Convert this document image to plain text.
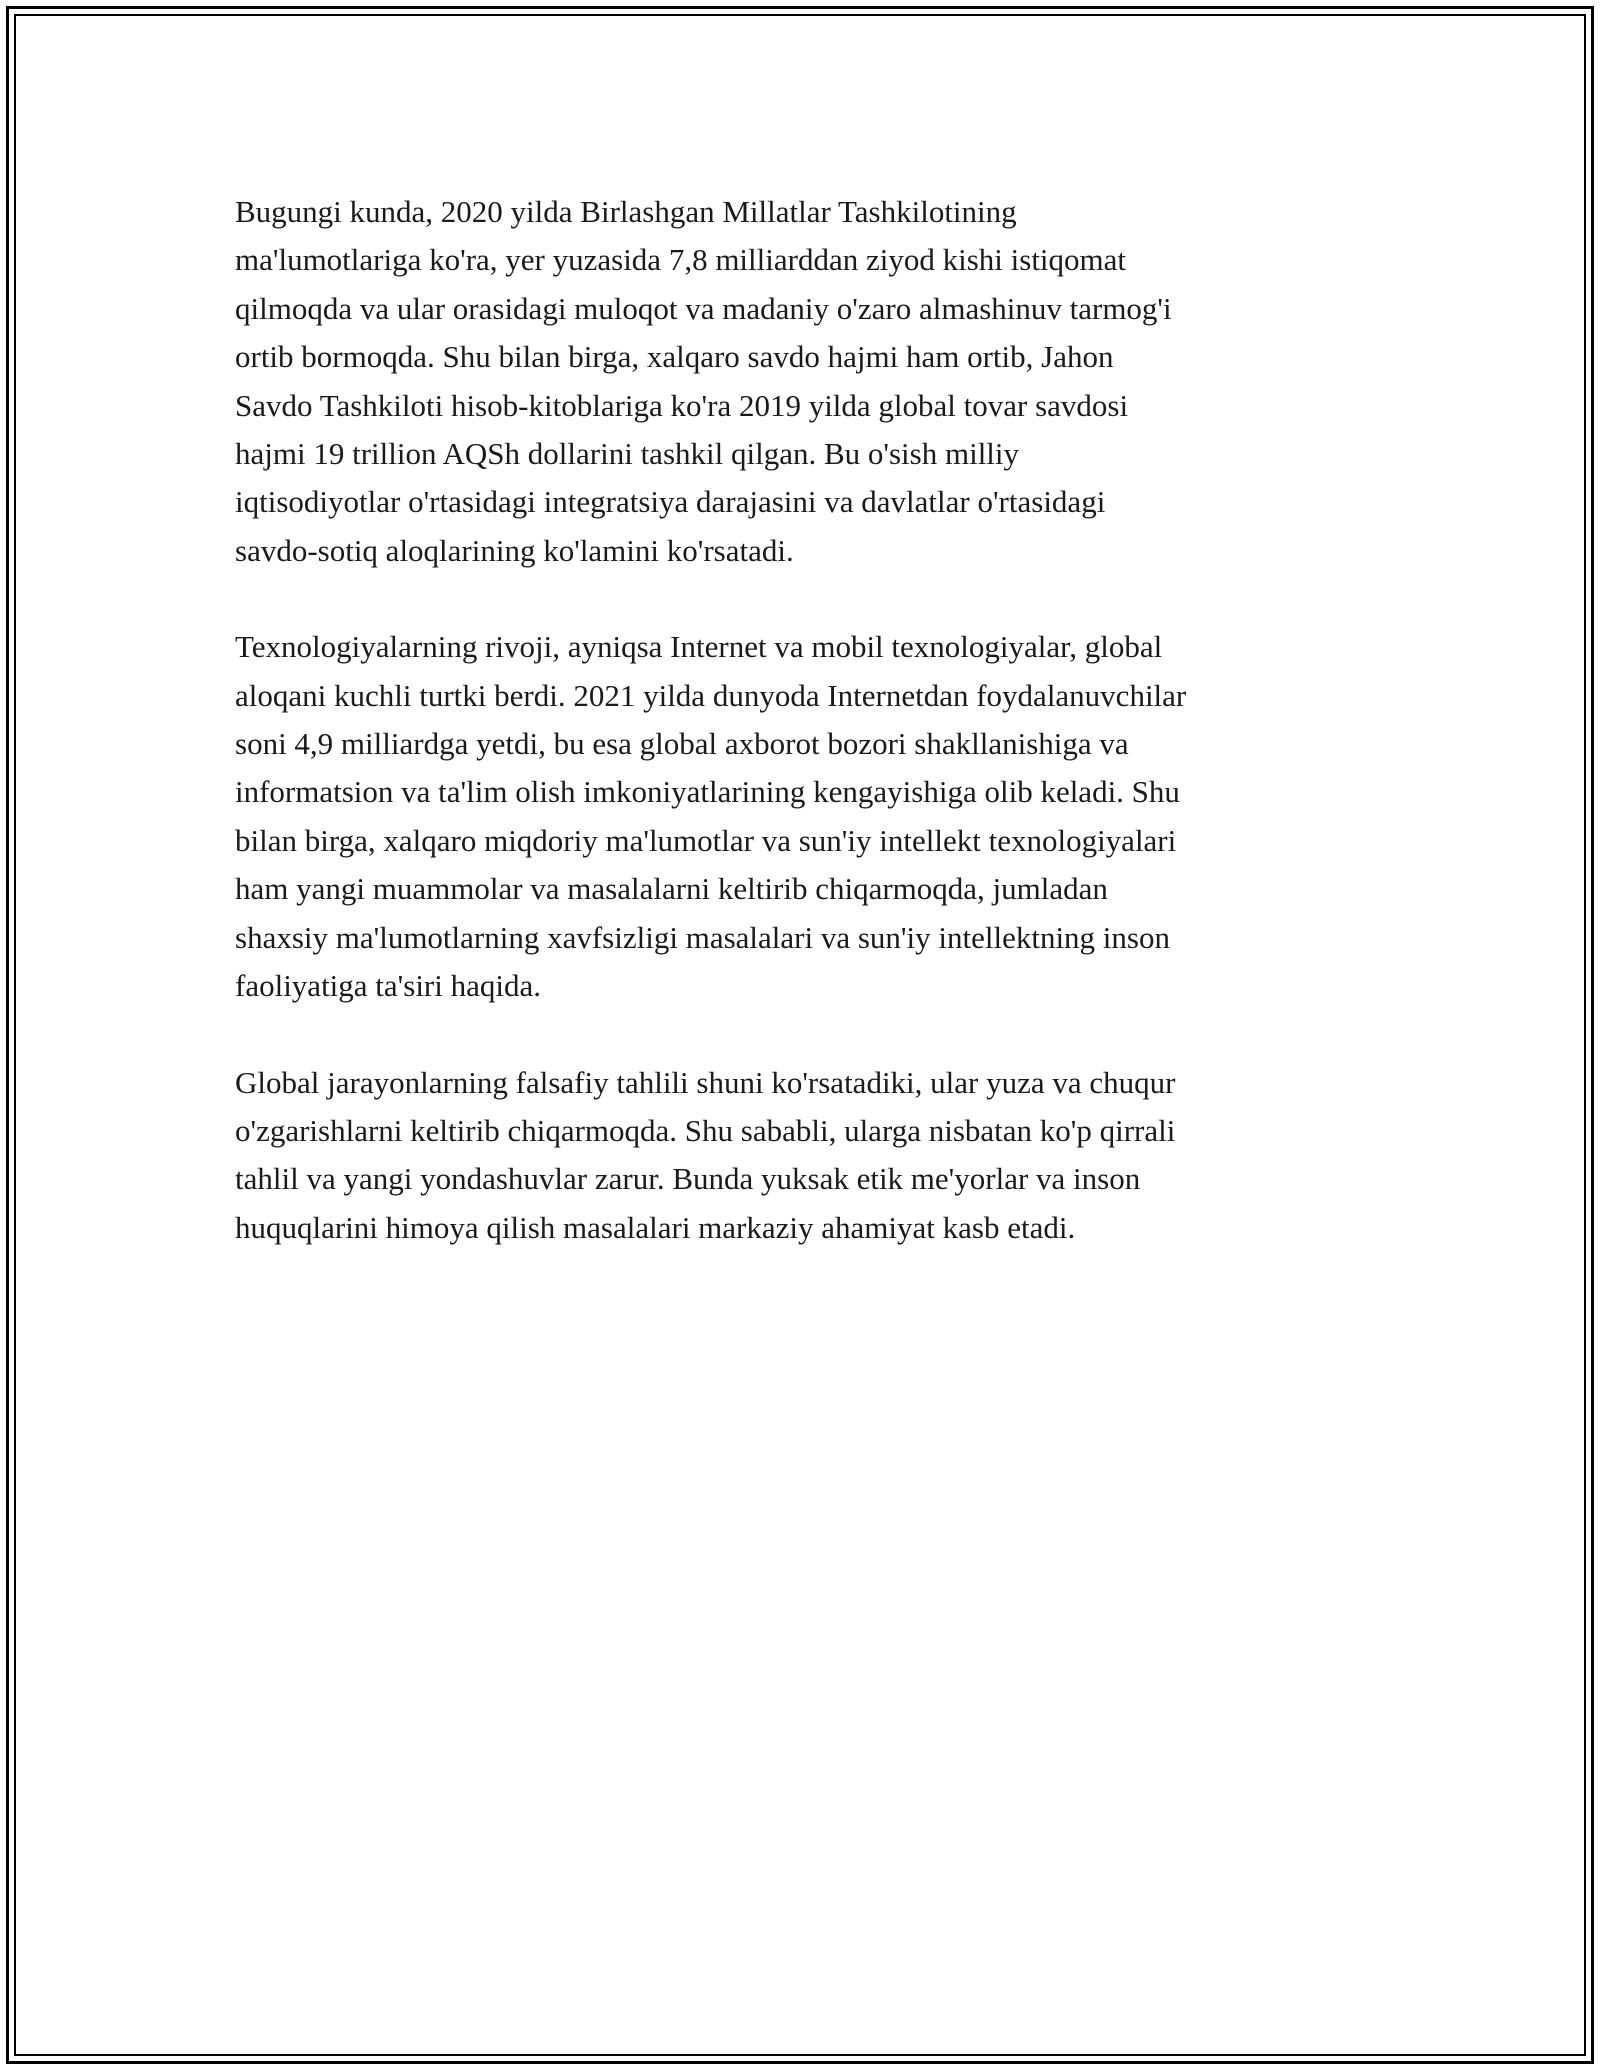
Bugungi kunda, 2020 yilda Birlashgan Millatlar Tashkilotining
ma'lumotlariga ko'ra, yer yuzasida 7,8 milliarddan ziyod kishi istiqomat
qilmoqda va ular orasidagi muloqot va madaniy o'zaro almashinuv tarmog'i
ortib bormoqda. Shu bilan birga, xalqaro savdo hajmi ham ortib, Jahon
Savdo Tashkiloti hisob-kitoblariga ko'ra 2019 yilda global tovar savdosi
hajmi 19 trillion AQSh dollarini tashkil qilgan. Bu o'sish milliy
iqtisodiyotlar o'rtasidagi integratsiya darajasini va davlatlar o'rtasidagi
savdo-sotiq aloqlarining ko'lamini ko'rsatadi.

Texnologiyalarning rivoji, ayniqsa Internet va mobil texnologiyalar, global
aloqani kuchli turtki berdi. 2021 yilda dunyoda Internetdan foydalanuvchilar
soni 4,9 milliardga yetdi, bu esa global axborot bozori shakllanishiga va
informatsion va ta'lim olish imkoniyatlarining kengayishiga olib keladi. Shu
bilan birga, xalqaro miqdoriy ma'lumotlar va sun'iy intellekt texnologiyalari
ham yangi muammolar va masalalarni keltirib chiqarmoqda, jumladan
shaxsiy ma'lumotlarning xavfsizligi masalalari va sun'iy intellektning inson
faoliyatiga ta'siri haqida.

Global jarayonlarning falsafiy tahlili shuni ko'rsatadiki, ular yuza va chuqur
o'zgarishlarni keltirib chiqarmoqda. Shu sababli, ularga nisbatan ko'p qirrali
tahlil va yangi yondashuvlar zarur. Bunda yuksak etik me'yorlar va inson
huquqlarini himoya qilish masalalari markaziy ahamiyat kasb etadi.
